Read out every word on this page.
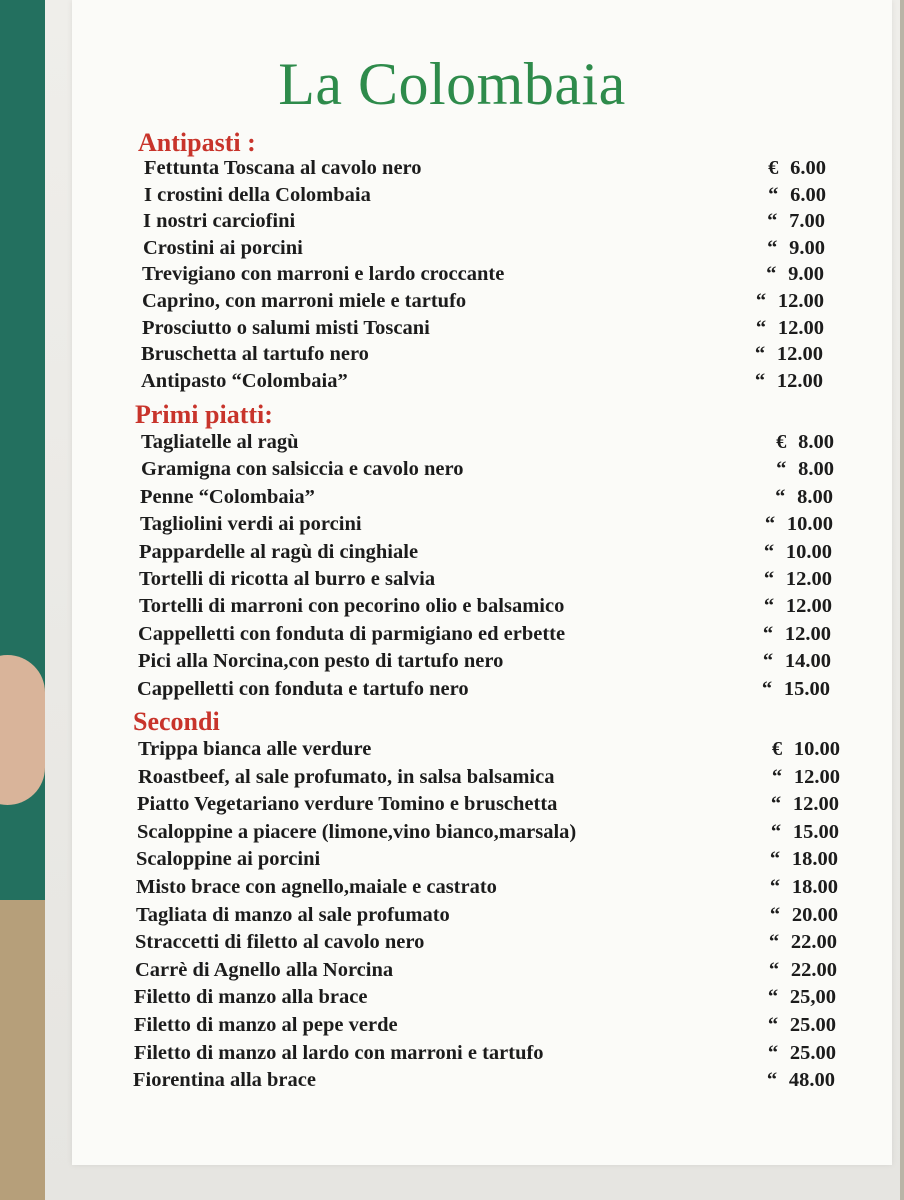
La Colombaia
Antipasti :
Fettunta Toscana al cavolo nero	€ 6.00
I crostini della Colombaia	“ 6.00
I nostri carciofini	“ 7.00
Crostini ai porcini	“ 9.00
Trevigiano con marroni e lardo croccante	“ 9.00
Caprino, con marroni miele e tartufo	“ 12.00
Prosciutto o salumi misti Toscani	“ 12.00
Bruschetta al tartufo nero	“ 12.00
Antipasto “Colombaia”	“ 12.00
Primi piatti:
Tagliatelle al ragù	€ 8.00
Gramigna con salsiccia e cavolo nero	“ 8.00
Penne “Colombaia”	“ 8.00
Tagliolini verdi ai porcini	“ 10.00
Pappardelle al ragù di cinghiale	“ 10.00
Tortelli di ricotta al burro e salvia	“ 12.00
Tortelli di marroni con pecorino olio e balsamico	“ 12.00
Cappelletti con fonduta di parmigiano ed erbette	“ 12.00
Pici alla Norcina,con pesto di tartufo nero	“ 14.00
Cappelletti con fonduta e tartufo nero	“ 15.00
Secondi
Trippa bianca alle verdure	€ 10.00
Roastbeef, al sale profumato, in salsa balsamica	“ 12.00
Piatto Vegetariano verdure Tomino e bruschetta	“ 12.00
Scaloppine a piacere (limone,vino bianco,marsala)	“ 15.00
Scaloppine ai porcini	“ 18.00
Misto brace con agnello,maiale e castrato	“ 18.00
Tagliata di manzo al sale profumato	“ 20.00
Straccetti di filetto al cavolo nero	“ 22.00
Carrè di Agnello alla Norcina	“ 22.00
Filetto di manzo alla brace	“ 25,00
Filetto di manzo al pepe verde	“ 25.00
Filetto di manzo al lardo con marroni e tartufo	“ 25.00
Fiorentina alla brace	“ 48.00
